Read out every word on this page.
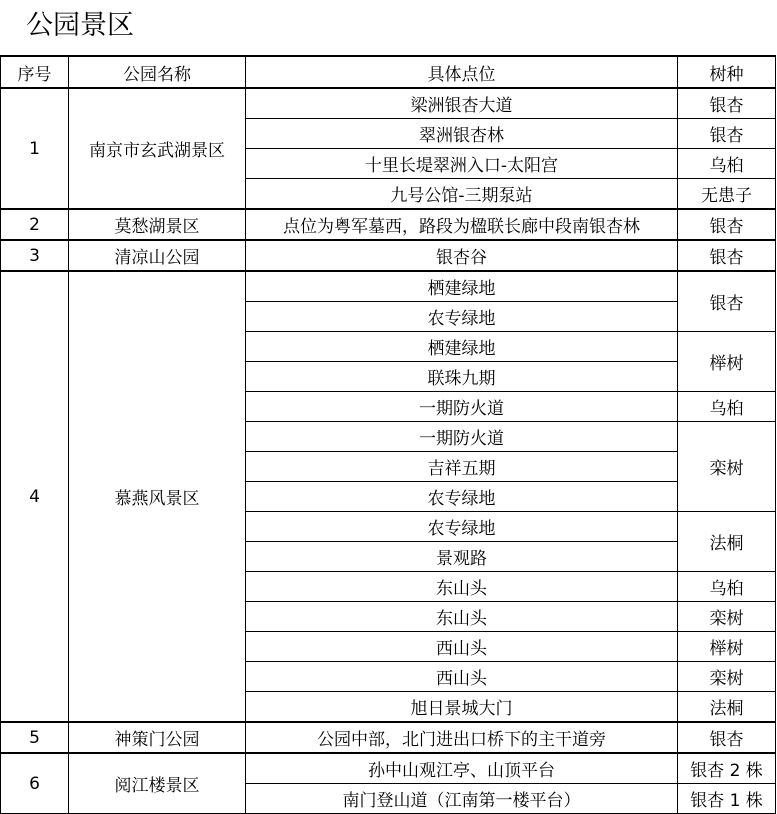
公园景区
序号	公园名称	具体点位	树种
1	南京市玄武湖景区	梁洲银杏大道	银杏
		翠洲银杏林	银杏
		十里长堤翠洲入口-太阳宫	乌桕
		九号公馆-三期泵站	无患子
2	莫愁湖景区	点位为粤军墓西，路段为楹联长廊中段南银杏林	银杏
3	清凉山公园	银杏谷	银杏
4	慕燕风景区	栖建绿地	银杏
		农专绿地	
		栖建绿地	榉树
		联珠九期	
		一期防火道	乌桕
		一期防火道	栾树
		吉祥五期	
		农专绿地	
		农专绿地	法桐
		景观路	
		东山头	乌桕
		东山头	栾树
		西山头	榉树
		西山头	栾树
		旭日景城大门	法桐
5	神策门公园	公园中部，北门进出口桥下的主干道旁	银杏
6	阅江楼景区	孙中山观江亭、山顶平台	银杏 2 株
		南门登山道（江南第一楼平台）	银杏 1 株
